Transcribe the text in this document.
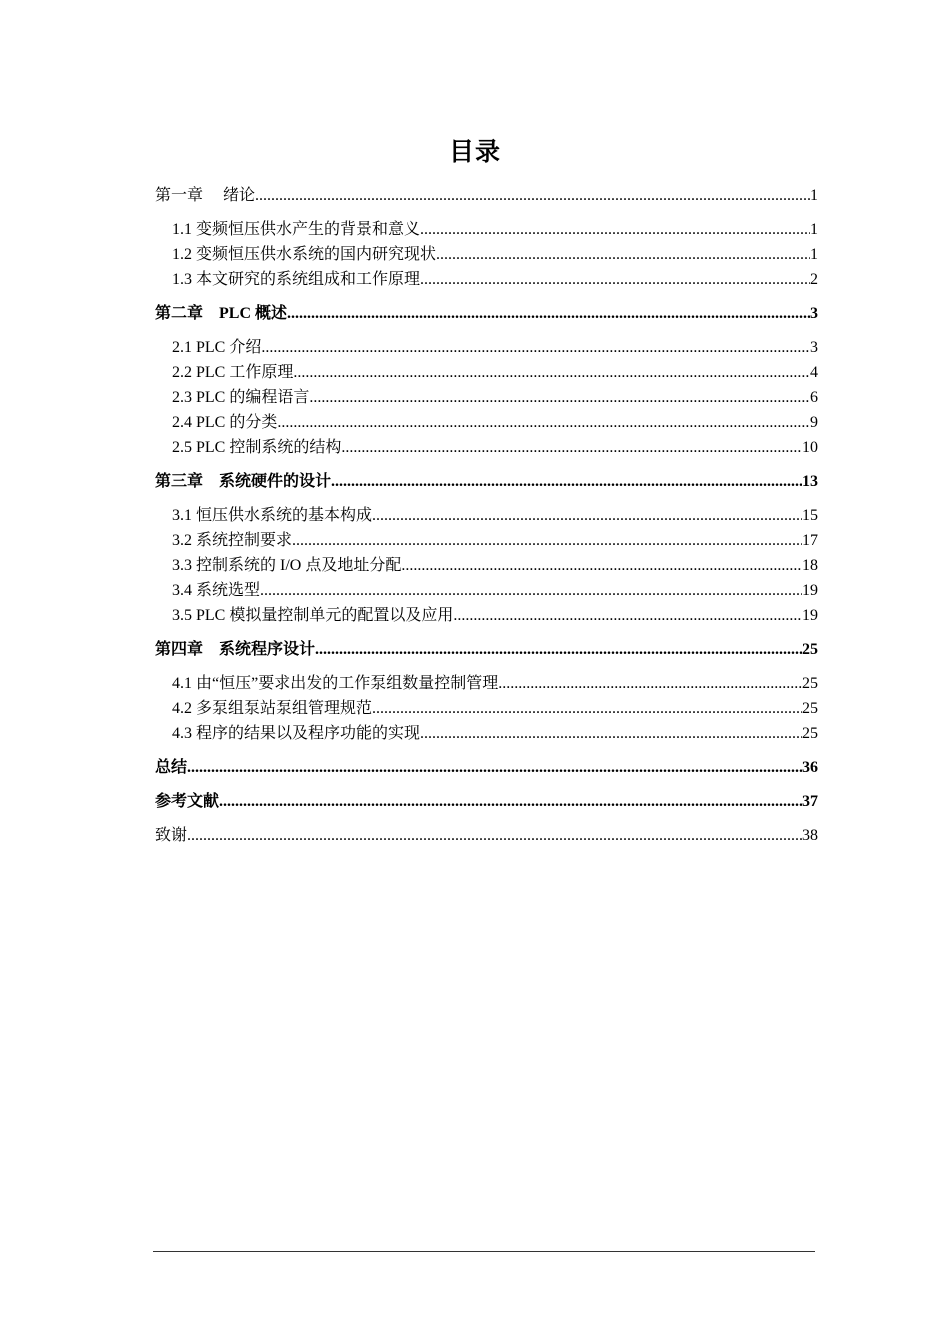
目录
第一章　 绪论 .....	1
1.1 变频恒压供水产生的背景和意义 .....	1
1.2 变频恒压供水系统的国内研究现状 .....	1
1.3 本文研究的系统组成和工作原理 .....	2
第二章　PLC 概述 .....	3
2.1 PLC 介绍 .....	3
2.2 PLC 工作原理 .....	4
2.3 PLC 的编程语言 .....	6
2.4 PLC 的分类 .....	9
2.5 PLC 控制系统的结构 .....	10
第三章　系统硬件的设计 .....	13
3.1 恒压供水系统的基本构成 .....	15
3.2 系统控制要求 .....	17
3.3 控制系统的 I/O 点及地址分配 .....	18
3.4 系统选型 .....	19
3.5 PLC 模拟量控制单元的配置以及应用 .....	19
第四章　系统程序设计 .....	25
4.1 由“恒压”要求出发的工作泵组数量控制管理 .....	25
4.2 多泵组泵站泵组管理规范 .....	25
4.3 程序的结果以及程序功能的实现 .....	25
总结 .....	36
参考文献 .....	37
致谢 .....	38
